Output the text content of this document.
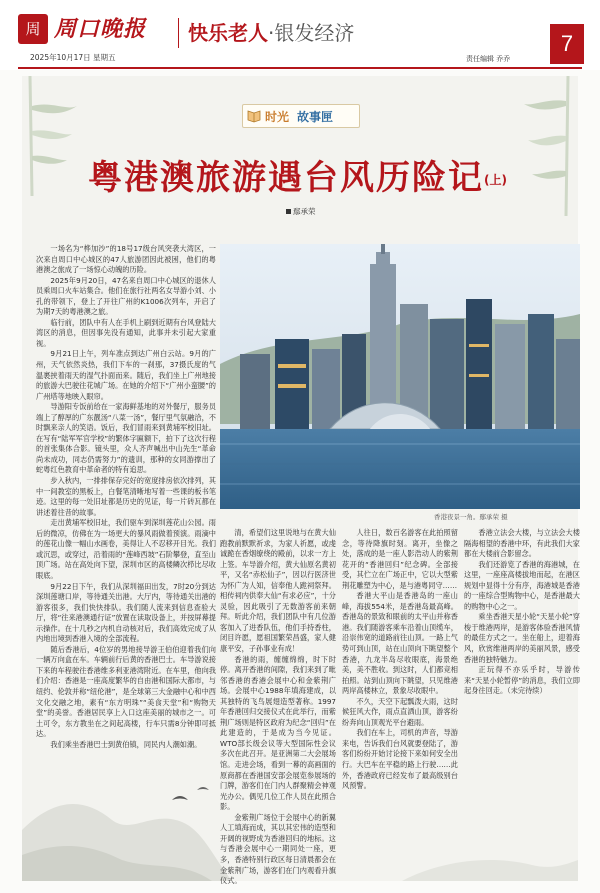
周 周口晚报
2025年10月17日 星期五
快乐老人·银发经济
责任编辑 乔乔
7
时光 故事匣
粤港澳旅游遇台风历险记(上)
鄢承荣
香港夜景一角。鄢承荣 摄

一场名为“桦加沙”的18号17级台风突袭大湾区，一次来自周口中心城区的47人旅游团因此被困，他们的粤港澳之旅成了一场惊心动魄的历险。

2025年9月20日，47名来自周口中心城区的退休人员乘周口火车站集合。他们在旅行社两名女导游小刘、小孔的带领下，登上了开往广州的K1006次列车，开启了为期7天的粤港澳之旅。

临行前，团队中有人在手机上刷到近期有台风登陆大湾区的消息，但因事先没有通知，此事并未引起大家重视。

9月21日上午，列车准点到达广州白云站。9月的广州，天气依然炎热，我们下车的一刹那，37摄氏度的气温裹挟着雨天的湿气扑面而来。随后，我们坐上广州地接的旅游大巴驶往花城广场。在她的介绍下“广州小蛮腰”的广州塔等地映入眼帘。

导游阳专饭前给在一家海鲜基地的对外餐厅，服务员端上了醇厚的广东靓汤“八菜一汤”，餐厅里气氛融洽，不时飘来亲人的笑语。饭后，我们冒雨来到黄埔军校旧址。在写有“陆军军官学校”的繁体字匾额下，拍下了这次行程的首张集体合影。镜头里，众人齐声喊出中山先生“革命尚未成功，同志仍需努力”的遗训，那种的女同游撑出了蛇粤红色教育中革命者的特有追思。

步入秋内，一排排保存完好的宽度排房依次排列，其中一间教室的黑板上，白餐笔清晰地写着一些课的板书笔迹。这里的每一处旧址都是历史的见证，每一片砖瓦都在讲述着往昔的故事。

走出黄埔军校旧址，我们驱车到深圳莲花山公园。雨后的微凉，仿佛在为一场更大的暴风雨做着预演。雨滴中的莲花山像一幅山水画卷，美得让人不忍移开目光。我们或沉思，或穿过，沿着雨的“莲峰西坡”石阶攀登，直至山顶广场。站在高处向下望，深圳市区的高楼鳞次栉比尽收眼底。

9月22日下午，我们从深圳福田出发，7时20分到达深圳莲塘口岸，等待通关出港。大厅内，等待通关出港的游客很多，我们快快排队。我们随人流来到信息查验大厅，将“往来港澳通行证”放置在读取设备上，并按屏幕提示操作。在十几秒之内机自动核对后，我们高效完成了从内地出境到香港入境的全部流程。

随后香港后，4位岁的男地接导游王伯伯迎着我们向一辆万向盒在车。车辆前行后黄的香港巴士。车导游说接下来的车程驶往香港维多利亚港湾附近。在车里，他向我们介绍：香港是一座高度繁华的自由港和国际大都市，与纽约、伦敦并称“纽伦港”，是全球第三大金融中心和中西文化交融之地，素有“东方明珠”“美食天堂”和“购物天堂”的美誉。香港居民享上入口这座美丽的城市之一。可土可令，东方教坐在之间起高楼，行车只需8分钟即可抵达。

我们乘坐香港巴士到黄伯镇，同民内人潮如潮。

清，希望们这里说地与在黄大仙跑教前默默祈求，为家人祈愿，或虔诚跪在香烟缭绕的殿前，以求一方上上签。车导游介绍，黄大仙原名黄初平，又名“赤松仙子”，因以行医济世为怀广为人知，信奉他人跪祠祭拜。相传祠内供奉大仙“有求必应”，十分灵验，因此吸引了无数游客前来朝拜。听此介绍，我们团队中有几位游客加入了进香队伍，他们手持香柱，闭目许愿，愿祖国繁荣昌盛，家人健康平安，子孙事业有成！

香港的雨，缠缠绵绵，时下时停。离开香港的间隙，我们来到了毗邻香港的香港会展中心和金紫荆广场。会展中心1988年填海建成，以其独特的飞鸟展翅造型著称。1997年香港回归交接仪式在此举行，而紫荆广场则是特区政府为纪念“回归”在此建造的，于是成为当今见证。WTO部长级会议等大型国际性会议多次在此召开。是亚洲第二大会展场馆。走进会场，看到一幕的高画面的原商都在香港国安部会展览参展场的门牌，游客们在门内人群聚精会神观光办公。偶见几位工作人员在此照合影。

金紫荆广场位于会展中心的新翼人工填海而成，其以其宏伟的造型和开阔的视野成为香港回归的地标。这与香港会展中心一期同处一座，更多，香港特别行政区每日清晨都会在金紫荆广场，游客们在门内观看升旗仪式。

人往日，数百名游客在此拍照留念，等待降旗时刻。离开，坐像之处，落成的是一座人影浩动人的紫荆花开的“香港回归”纪念碑。全部接受，其伫立在广场正中，它以大型紫荆花雕塑为中心，是与港粤同守……

香港大平山是香港岛的一座山峰，海拔554米，是香港岛最高峰。香港岛的景致和眼前的太平山并称香港。我们随游客乘车沿着山顶缆车，沿崇伟宽的道路前往山顶。一路上气势可到山顶，站在山顶向下眺望整个香港，九龙半岛尽收眼底，海景绝美，美不胜收。到这时，人们都竞相拍照。站到山顶向下眺望，只见维港两岸高楼林立，景象尽收眼中。

不久，天空下起瓢泼大雨，这时候狂风大作，雨点直洒山顶，游客纷纷奔向山顶观光平台避雨。

我们在车上，司机的声音，导游来电，告诉我们台风就要登陆了，游客们纷纷开始讨论接下来如何安全出行。大巴车在平稳的路上行驶……此外，香港政府已经发布了最高级别台风预警。

香港立法会大楼，与立法会大楼隔海相望的香港中环，有此我们大家都在大楼前合影留念。

我们还游览了香港的海港城，在这里，一座座高楼拔地而起，在港区规划中显得十分有序，海港城是香港的一座综合型购物中心，是香港最大的购物中心之一。

乘坐香港天星小轮“天星小轮”穿梭于维港两岸，是游客体验香港风情的最佳方式之一。坐在船上，迎着海风，欣赏维港两岸的美丽风景，感受香港的独特魅力。

正玩得不亦乐乎时，导游传来“天星小轮暂停”的消息，我们立即起身往回走。（未完待续）
